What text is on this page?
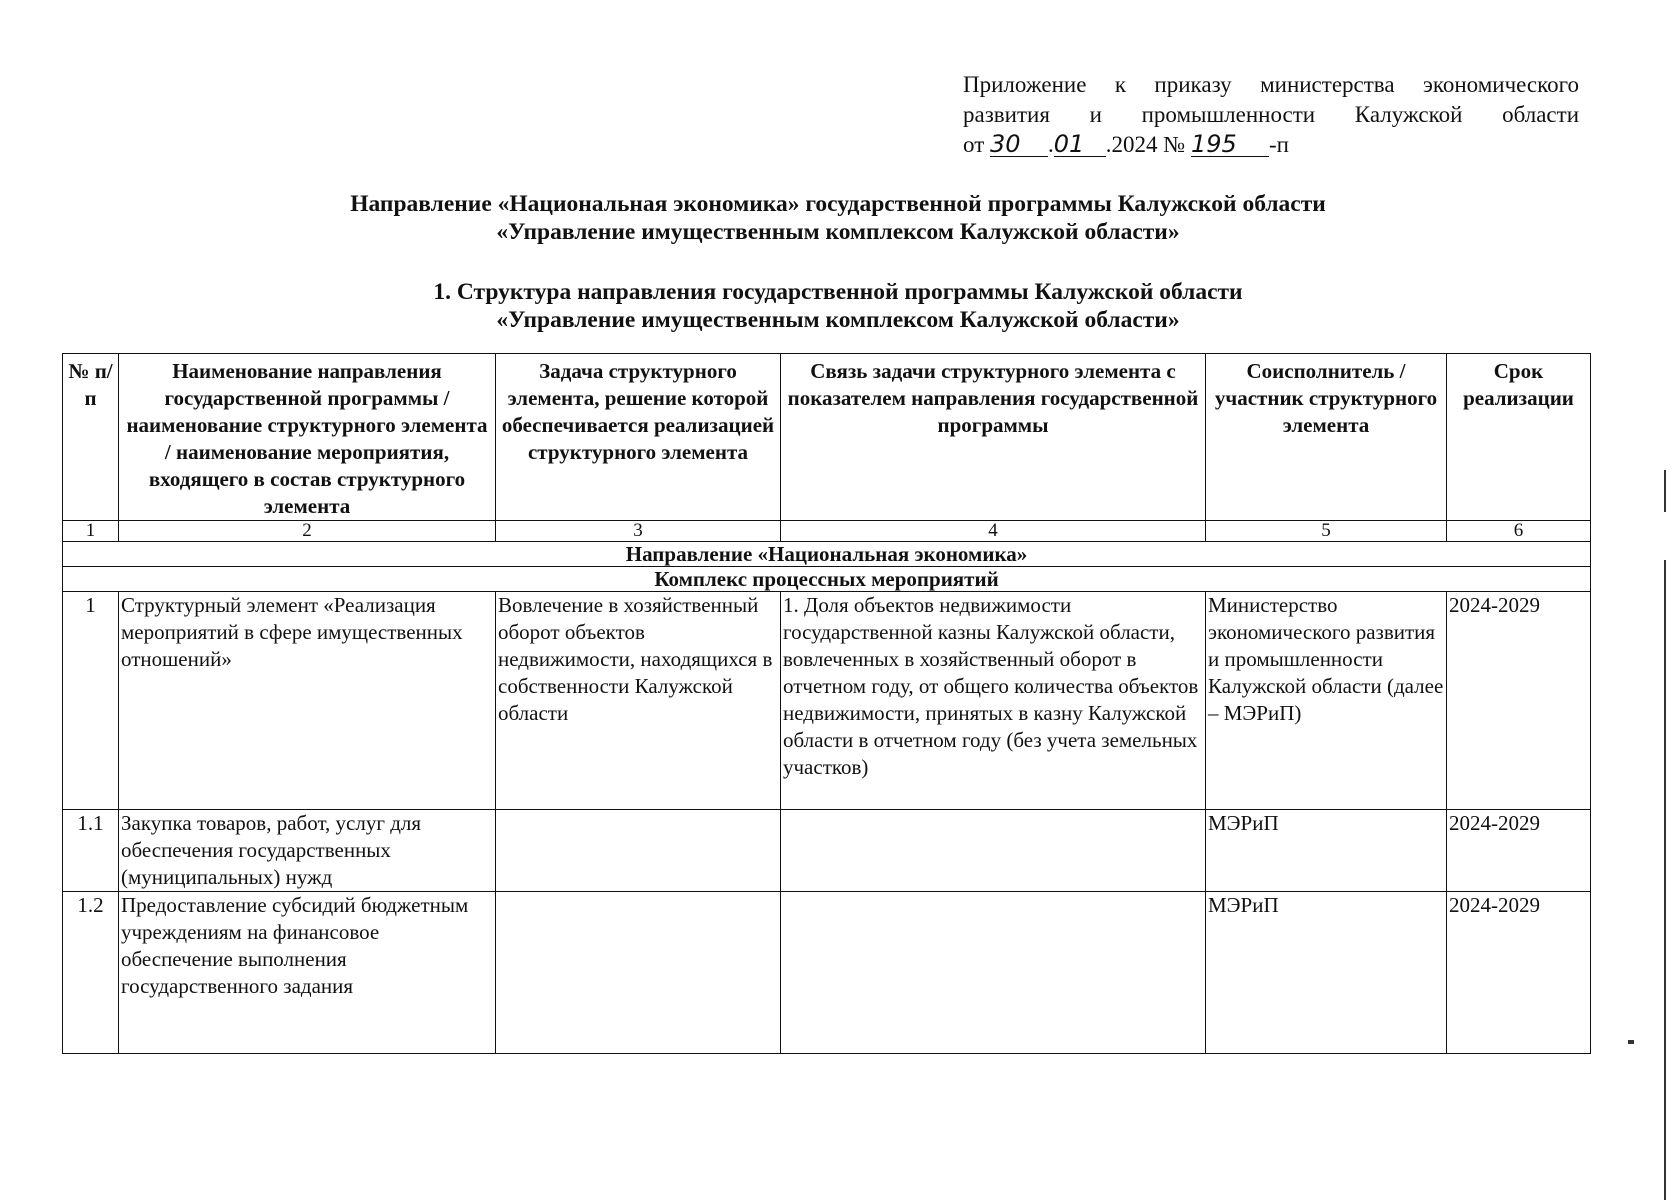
Приложение к приказу министерства экономического
развития и промышленности Калужской области
от 30 .01 .2024 № 195 -п
Направление «Национальная экономика» государственной программы Калужской области
«Управление имущественным комплексом Калужской области»
1. Структура направления государственной программы Калужской области
«Управление имущественным комплексом Калужской области»
№ п/п	Наименование направления государственной программы / наименование структурного элемента / наименование мероприятия, входящего в состав структурного элемента	Задача структурного элемента, решение которой обеспечивается реализацией структурного элемента	Связь задачи структурного элемента с показателем направления государственной программы	Соисполнитель / участник структурного элемента	Срок реализации
1	2	3	4	5	6
Направление «Национальная экономика»					
Комплекс процессных мероприятий					
1	Структурный элемент «Реализация мероприятий в сфере имущественных отношений»	Вовлечение в хозяйственный оборот объектов недвижимости, находящихся в собственности Калужской области	1. Доля объектов недвижимости государственной казны Калужской области, вовлеченных в хозяйственный оборот в отчетном году, от общего количества объектов недвижимости, принятых в казну Калужской области в отчетном году (без учета земельных участков)	Министерство экономического развития и промышленности Калужской области (далее – МЭРиП)	2024-2029
1.1	Закупка товаров, работ, услуг для обеспечения государственных (муниципальных) нужд			МЭРиП	2024-2029
1.2	Предоставление субсидий бюджетным учреждениям на финансовое обеспечение выполнения государственного задания			МЭРиП	2024-2029
